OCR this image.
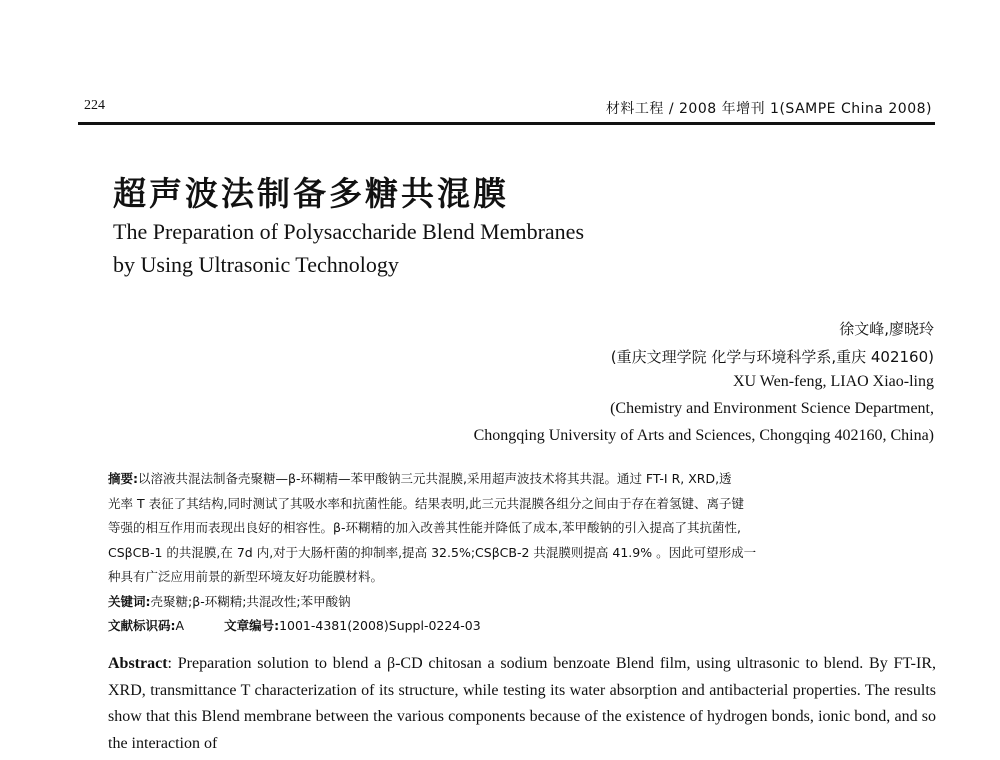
224	材料工程 / 2008 年增刊 1(SAMPE China 2008)
超声波法制备多糖共混膜
The Preparation of Polysaccharide Blend Membranes
by Using Ultrasonic Technology
徐文峰,廖晓玲
(重庆文理学院 化学与环境科学系,重庆 402160)
XU Wen-feng, LIAO Xiao-ling
(Chemistry and Environment Science Department,
Chongqing University of Arts and Sciences, Chongqing 402160, China)
摘要:以溶液共混法制备壳聚糖—β-环糊精—苯甲酸钠三元共混膜,采用超声波技术将其共混。通过 FT-I R, XRD,透
光率 T 表征了其结构,同时测试了其吸水率和抗菌性能。结果表明,此三元共混膜各组分之间由于存在着氢键、离子键
等强的相互作用而表现出良好的相容性。β-环糊精的加入改善其性能并降低了成本,苯甲酸钠的引入提高了其抗菌性,
CSβCB-1 的共混膜,在 7d 内,对于大肠杆菌的抑制率,提高 32.5%;CSβCB-2 共混膜则提高 41.9% 。因此可望形成一
种具有广泛应用前景的新型环境友好功能膜材料。
关键词:壳聚糖;β-环糊精;共混改性;苯甲酸钠
文献标识码:A	文章编号:1001-4381(2008)Suppl-0224-03
Abstract: Preparation solution to blend a β-CD chitosan a sodium benzoate Blend film, using ultrasonic to blend. By FT-IR, XRD, transmittance T characterization of its structure, while testing its water absorption and antibacterial properties. The results show that this Blend membrane between the various components because of the existence of hydrogen bonds, ionic bond, and so the interaction of
